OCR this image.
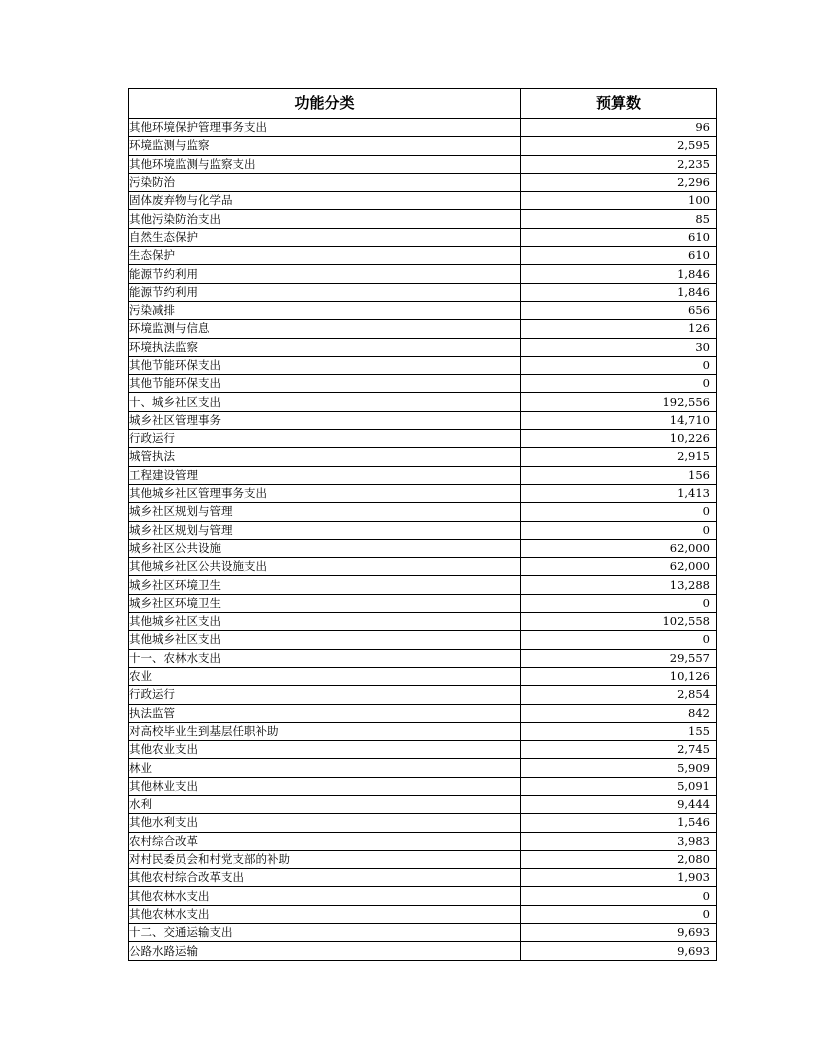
功能分类	预算数
其他环境保护管理事务支出	96
环境监测与监察	2,595
其他环境监测与监察支出	2,235
污染防治	2,296
固体废弃物与化学品	100
其他污染防治支出	85
自然生态保护	610
生态保护	610
能源节约利用	1,846
能源节约利用	1,846
污染减排	656
环境监测与信息	126
环境执法监察	30
其他节能环保支出	0
其他节能环保支出	0
十、城乡社区支出	192,556
城乡社区管理事务	14,710
行政运行	10,226
城管执法	2,915
工程建设管理	156
其他城乡社区管理事务支出	1,413
城乡社区规划与管理	0
城乡社区规划与管理	0
城乡社区公共设施	62,000
其他城乡社区公共设施支出	62,000
城乡社区环境卫生	13,288
城乡社区环境卫生	0
其他城乡社区支出	102,558
其他城乡社区支出	0
十一、农林水支出	29,557
农业	10,126
行政运行	2,854
执法监管	842
对高校毕业生到基层任职补助	155
其他农业支出	2,745
林业	5,909
其他林业支出	5,091
水利	9,444
其他水利支出	1,546
农村综合改革	3,983
对村民委员会和村党支部的补助	2,080
其他农村综合改革支出	1,903
其他农林水支出	0
其他农林水支出	0
十二、交通运输支出	9,693
公路水路运输	9,693
